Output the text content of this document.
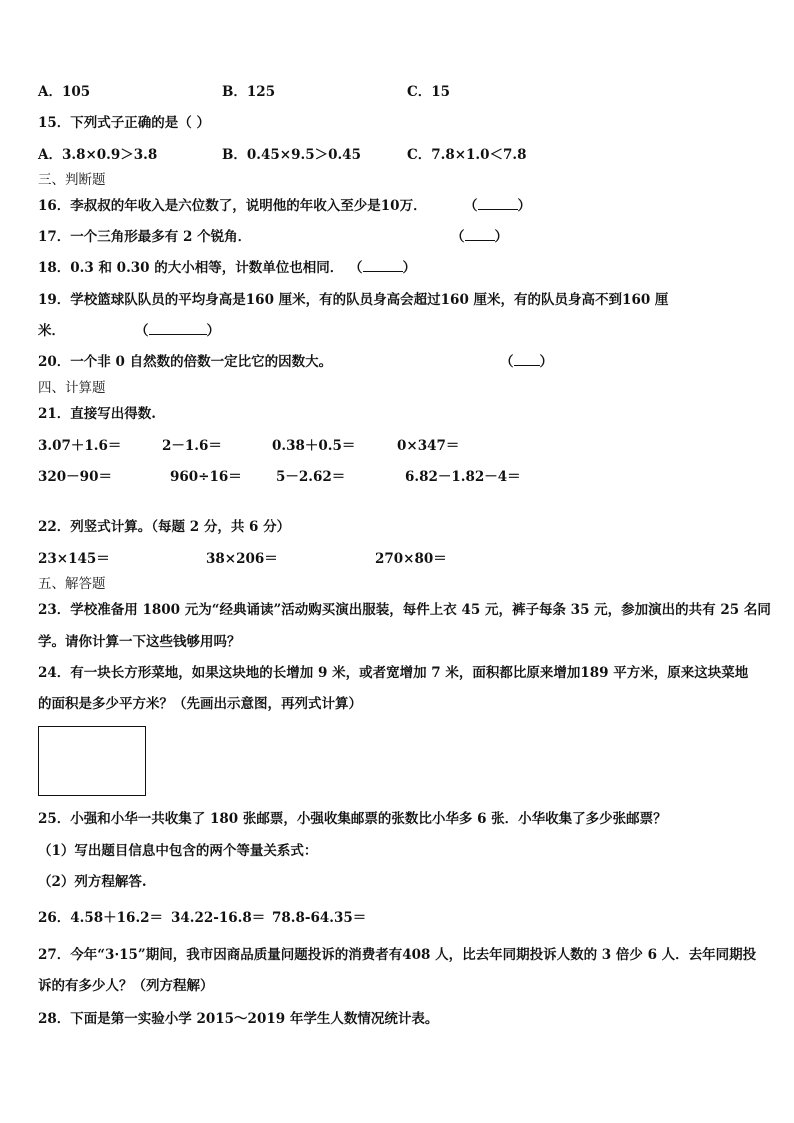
A．105	B．125	C．15
15．下列式子正确的是（ ）
A．3.8×0.9＞3.8	B．0.45×9.5＞0.45	C．7.8×1.0＜7.8
三、判断题
16．李叔叔的年收入是六位数了，说明他的年收入至少是10万．	（	）
17．一个三角形最多有 2 个锐角．	（ ）
18．0.3 和 0.30 的大小相等，计数单位也相同． （	）
19．学校篮球队队员的平均身高是160 厘米，有的队员身高会超过160 厘米，有的队员身高不到160 厘
米．	（	）
20．一个非 0 自然数的倍数一定比它的因数大。	（ ）
四、计算题
21．直接写出得数.
3.07＋1.6＝	2－1.6＝	0.38＋0.5＝	0×347＝
320－90＝	960÷16＝	5－2.62＝	6.82－1.82－4＝
22．列竖式计算。（每题 2 分，共 6 分）
23×145＝	38×206＝	270×80＝
五、解答题
23．学校准备用 1800 元为“经典诵读”活动购买演出服装，每件上衣 45 元，裤子每条 35 元，参加演出的共有 25 名同
学。请你计算一下这些钱够用吗？
24．有一块长方形菜地，如果这块地的长增加 9 米，或者宽增加 7 米，面积都比原来增加189 平方米，原来这块菜地
的面积是多少平方米？（先画出示意图，再列式计算）
25．小强和小华一共收集了 180 张邮票，小强收集邮票的张数比小华多 6 张．小华收集了多少张邮票？
（1）写出题目信息中包含的两个等量关系式：
（2）列方程解答.
26．4.58＋16.2＝ 34.22-16.8＝ 78.8-64.35＝
27．今年“3·15”期间，我市因商品质量问题投诉的消费者有408 人，比去年同期投诉人数的 3 倍少 6 人．去年同期投
诉的有多少人？（列方程解）
28．下面是第一实验小学 2015～2019 年学生人数情况统计表。
